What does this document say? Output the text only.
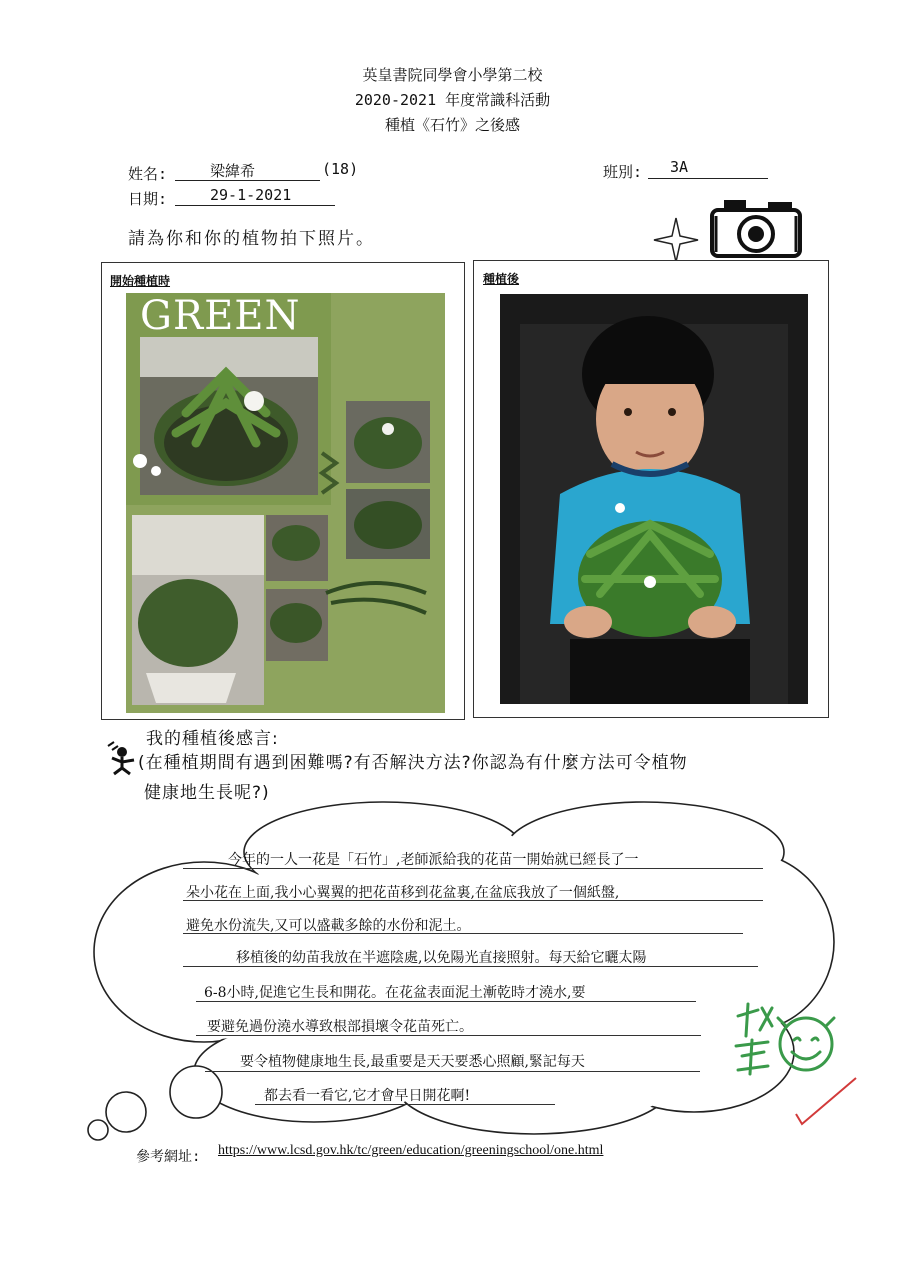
英皇書院同學會小學第二校
2020-2021 年度常識科活動
種植《石竹》之後感
姓名:	梁緯希	(18)	班別: 3A
日期:	29-1-2021
請為你和你的植物拍下照片。
開始種植時
GREEN
種植後
我的種植後感言:
(在種植期間有遇到困難嗎?有否解決方法?你認為有什麼方法可令植物
健康地生長呢?)
今年的一人一花是「石竹」,老師派給我的花苗一開始就已經長了一
朵小花在上面,我小心翼翼的把花苗移到花盆裏,在盆底我放了一個紙盤,
避免水份流失,又可以盛載多餘的水份和泥土。
移植後的幼苗我放在半遮陰處,以免陽光直接照射。每天給它曬太陽
6-8小時,促進它生長和開花。在花盆表面泥土漸乾時才澆水,要
要避免過份澆水導致根部損壞令花苗死亡。
要令植物健康地生長,最重要是天天要悉心照顧,緊記每天
都去看一看它,它才會早日開花啊!
參考網址: https://www.lcsd.gov.hk/tc/green/education/greeningschool/one.html
